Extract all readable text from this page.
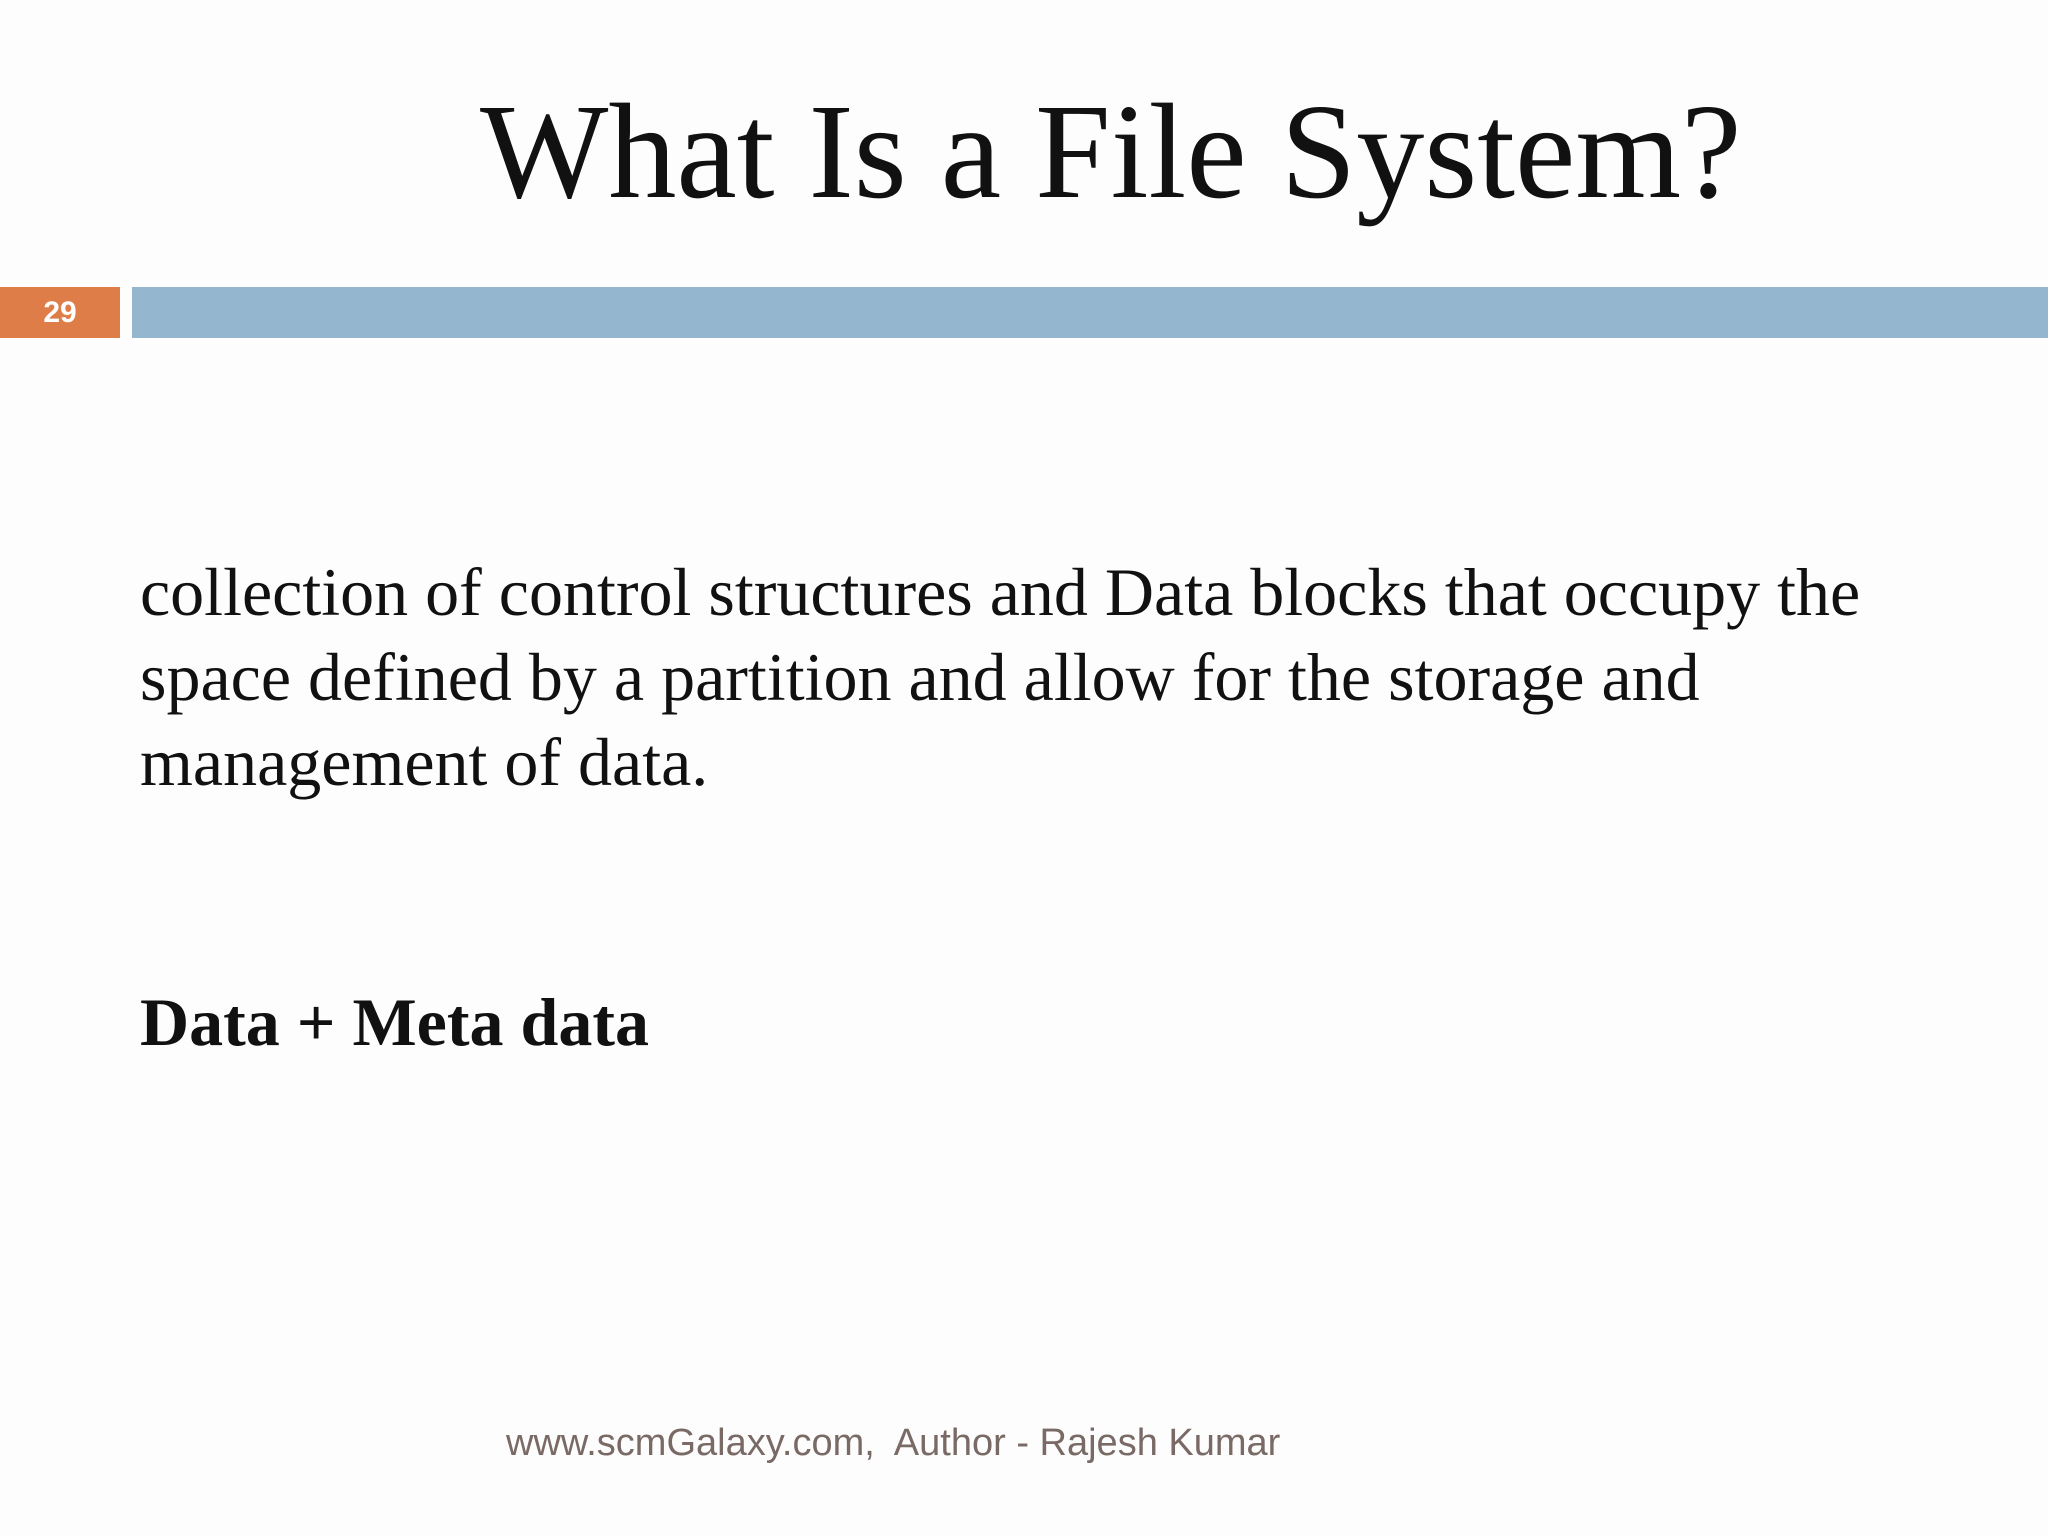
What Is a File System?
29

collection of control structures and Data blocks that occupy the space defined by a partition and allow for the storage and management of data.

Data + Meta data

www.scmGalaxy.com,  Author - Rajesh Kumar
